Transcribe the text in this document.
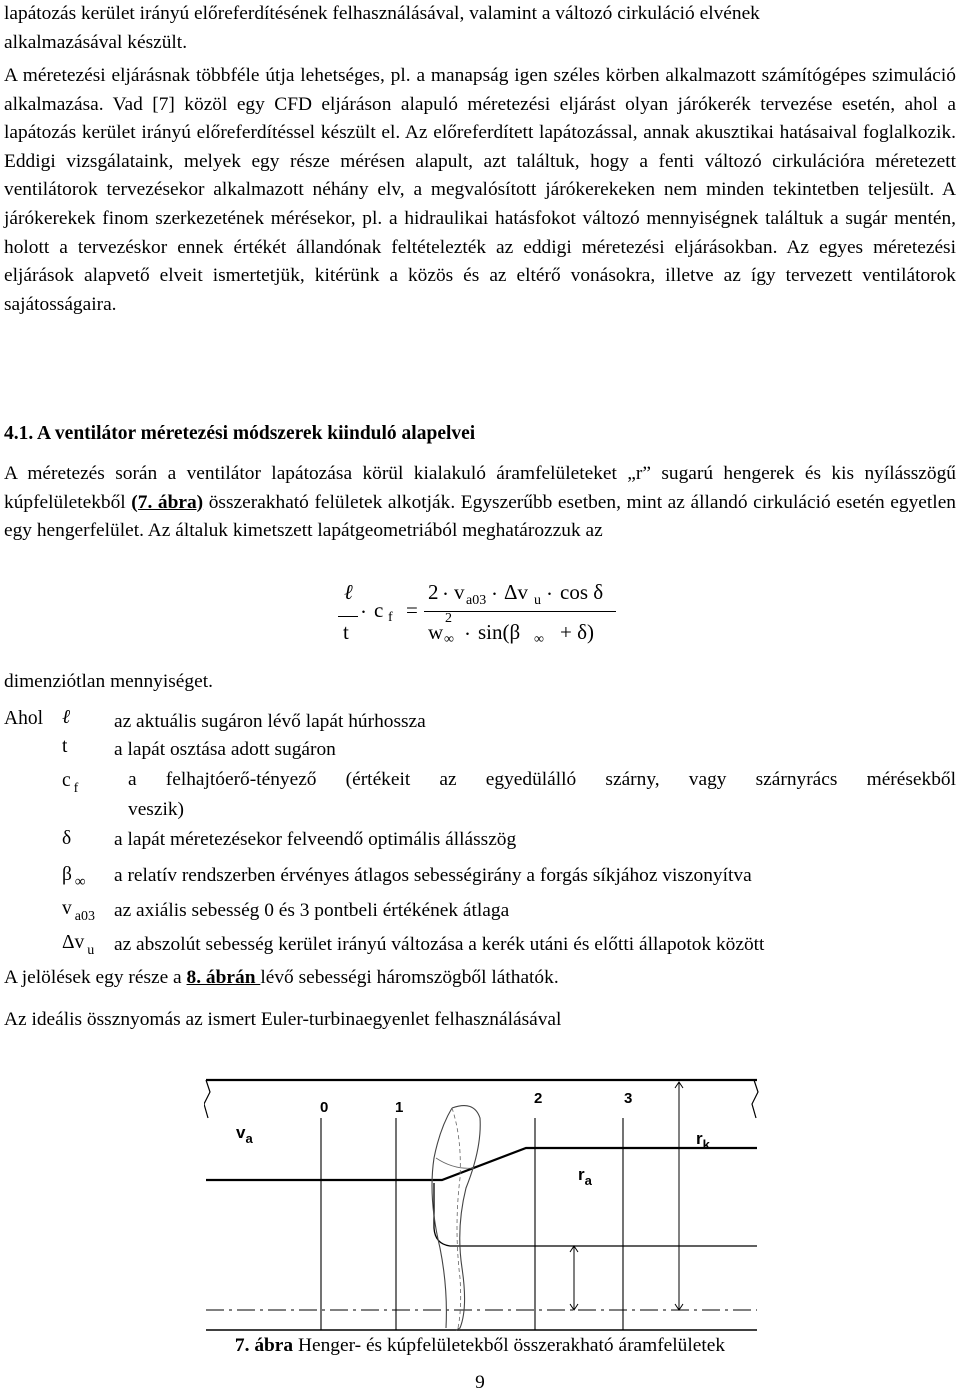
lapátozás kerület irányú előreferdítésének felhasználásával, valamint a változó cirkuláció elvének
alkalmazásával készült.

A méretezési eljárásnak többféle útja lehetséges, pl. a manapság igen széles körben alkalmazott számítógépes szimuláció alkalmazása. Vad [7] közöl egy CFD eljáráson alapuló méretezési eljárást olyan járókerék tervezése esetén, ahol a lapátozás kerület irányú előreferdítéssel készült el. Az előreferdített lapátozással, annak akusztikai hatásaival foglalkozik. Eddigi vizsgálataink, melyek egy része mérésen alapult, azt találtuk, hogy a fenti változó cirkulációra méretezett ventilátorok tervezésekor alkalmazott néhány elv, a megvalósított járókerekeken nem minden tekintetben teljesült. A járókerekek finom szerkezetének mérésekor, pl. a hidraulikai hatásfokot változó mennyiségnek találtuk a sugár mentén, holott a tervezéskor ennek értékét állandónak feltételezték az eddigi méretezési eljárásokban. Az egyes méretezési eljárások alapvető elveit ismertetjük, kitérünk a közös és az eltérő vonásokra, illetve az így tervezett ventilátorok sajátosságaira.

4.1. A ventilátor méretezési módszerek kiinduló alapelvei

A méretezés során a ventilátor lapátozása körül kialakuló áramfelületeket „r” sugarú hengerek és kis nyílásszögű kúpfelületekből (7. ábra) összerakható felületek alkotják. Egyszerűbb esetben, mint az állandó cirkuláció esetén egyetlen egy hengerfelület. Az általuk kimetszett lapátgeometriából meghatározzuk az

ℓ
t
· c f =
2 · v a03 · Δv u · cos δ
w ∞
2
· sin(β ∞ + δ)

dimenziótlan mennyiséget.

Ahol ℓ az aktuális sugáron lévő lapát húrhossza
t a lapát osztása adott sugáron
c $_f$	a felhajtóerő-tényező (értékeit az egyedülálló szárny, vagy szárnyrács mérésekből
veszik)
δ a lapát méretezésekor felveendő optimális állásszög
β $_\infty$ a relatív rendszerben érvényes átlagos sebességirány a forgás síkjához viszonyítva
v $_{a03}$ az axiális sebesség 0 és 3 pontbeli értékének átlaga
Δv $_u$ az abszolút sebesség kerület irányú változása a kerék utáni és előtti állapotok között

A jelölések egy része a 8. ábrán lévő sebességi háromszögből láthatók.

Az ideális össznyomás az ismert Euler-turbinaegyenlet felhasználásával

$v_a$
0	1
2	3
$r_k$
$r_a$
7. ábra Henger- és kúpfelületekből összerakható áramfelületek
9
